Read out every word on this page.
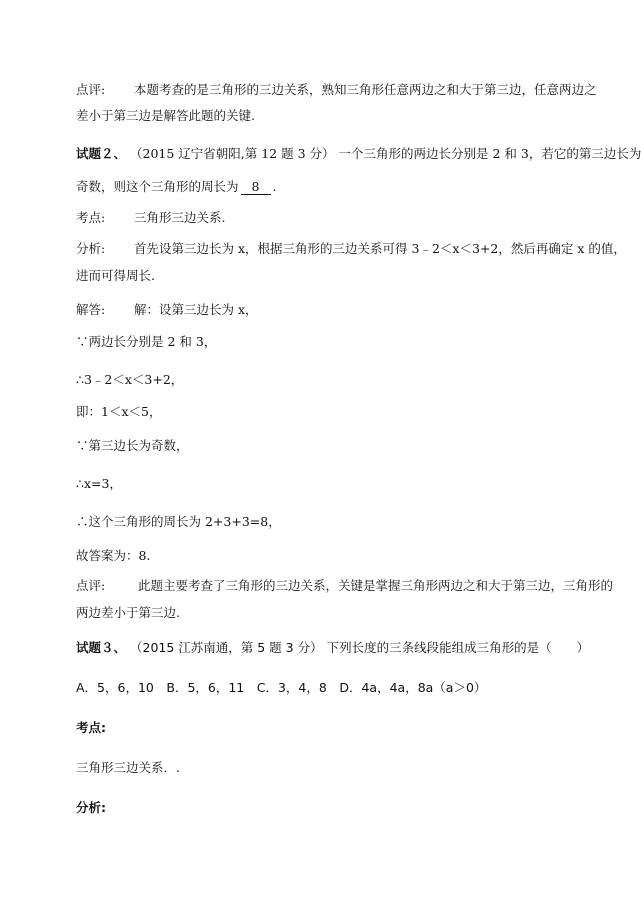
点评: 本题考查的是三角形的三边关系，熟知三角形任意两边之和大于第三边，任意两边之
差小于第三边是解答此题的关键.
试题２、 （2015 辽宁省朝阳,第 12 题 3 分） 一个三角形的两边长分别是 2 和 3，若它的第三边长为
奇数，则这个三角形的周长为 8 .
考点: 三角形三边关系.
分析: 首先设第三边长为 x，根据三角形的三边关系可得 3﹣2＜x＜3+2，然后再确定 x 的值，
进而可得周长.
解答: 解：设第三边长为 x，
∵两边长分别是 2 和 3，
∴3﹣2＜x＜3+2，
即：1＜x＜5，
∵第三边长为奇数，
∴x=3，
∴这个三角形的周长为 2+3+3=8，
故答案为：8.
点评:	此题主要考查了三角形的三边关系，关键是掌握三角形两边之和大于第三边，三角形的
两边差小于第三边.
试题３、 （2015 江苏南通，第 5 题 3 分） 下列长度的三条线段能组成三角形的是（　　）
A．5，6，10　B．5，6，11　C．3，4，8　D．4a，4a，8a（a＞0）
考点:
三角形三边关系．.
分析:
